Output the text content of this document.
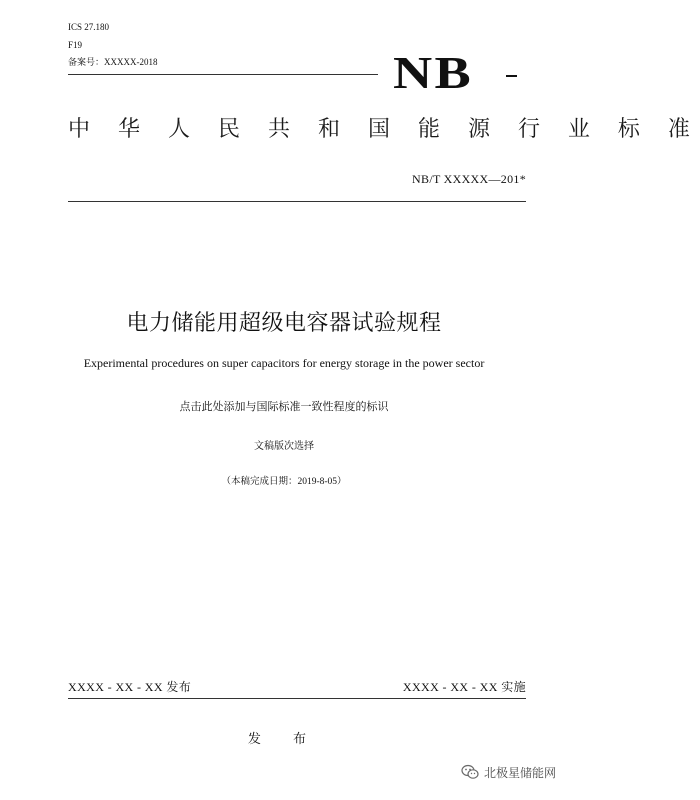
ICS 27.180
F19
备案号：XXXXX-2018	NB
中 华 人 民 共 和 国 能 源 行 业 标 准
NB/T XXXXX—201*
电力储能用超级电容器试验规程
Experimental procedures on super capacitors for energy storage in the power sector
点击此处添加与国际标准一致性程度的标识
文稿版次选择
（本稿完成日期：2019-8-05）
XXXX - XX - XX 发布	XXXX - XX - XX 实施
发 布
北极星储能网
